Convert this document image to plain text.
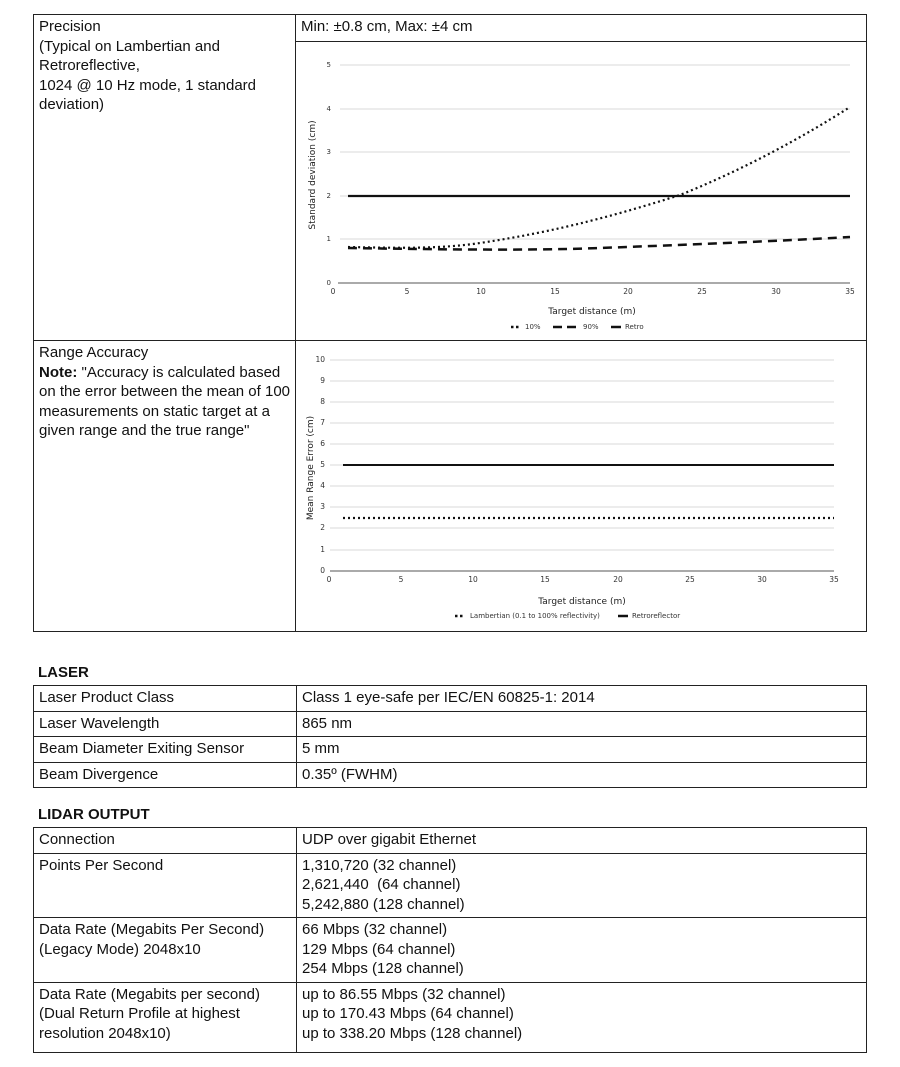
Precision
(Typical on Lambertian and
Retroreflective,
1024 @ 10 Hz mode, 1 standard
deviation)	Min: ±0.8 cm, Max: ±4 cm

5
4
3
2
1
0
0	5	10	15	20	25	30	35
Standard deviation (cm)
Target distance (m)
10%	90%	Retro

Range Accuracy
Note: "Accuracy is calculated based on the error between the mean of 100 measurements on static target at a given range and the true range"

10
9
8
7
6
5
4
3
2
1
0
0	5	10	15	20	25	30	35
Mean Range Error (cm)
Target distance (m)
Lambertian (0.1 to 100% reflectivity)	Retroreflector
LASER
Laser Product Class	Class 1 eye-safe per IEC/EN 60825-1: 2014
Laser Wavelength	865 nm
Beam Diameter Exiting Sensor	5 mm
Beam Divergence	0.35º (FWHM)
LIDAR OUTPUT
Connection	UDP over gigabit Ethernet

Points Per Second	1,310,720 (32 channel)
2,621,440  (64 channel)
5,242,880 (128 channel)

Data Rate (Megabits Per Second)
(Legacy Mode) 2048x10	66 Mbps (32 channel)
129 Mbps (64 channel)
254 Mbps (128 channel)

Data Rate (Megabits per second)
(Dual Return Profile at highest
resolution 2048x10)	up to 86.55 Mbps (32 channel)
up to 170.43 Mbps (64 channel)
up to 338.20 Mbps (128 channel)
